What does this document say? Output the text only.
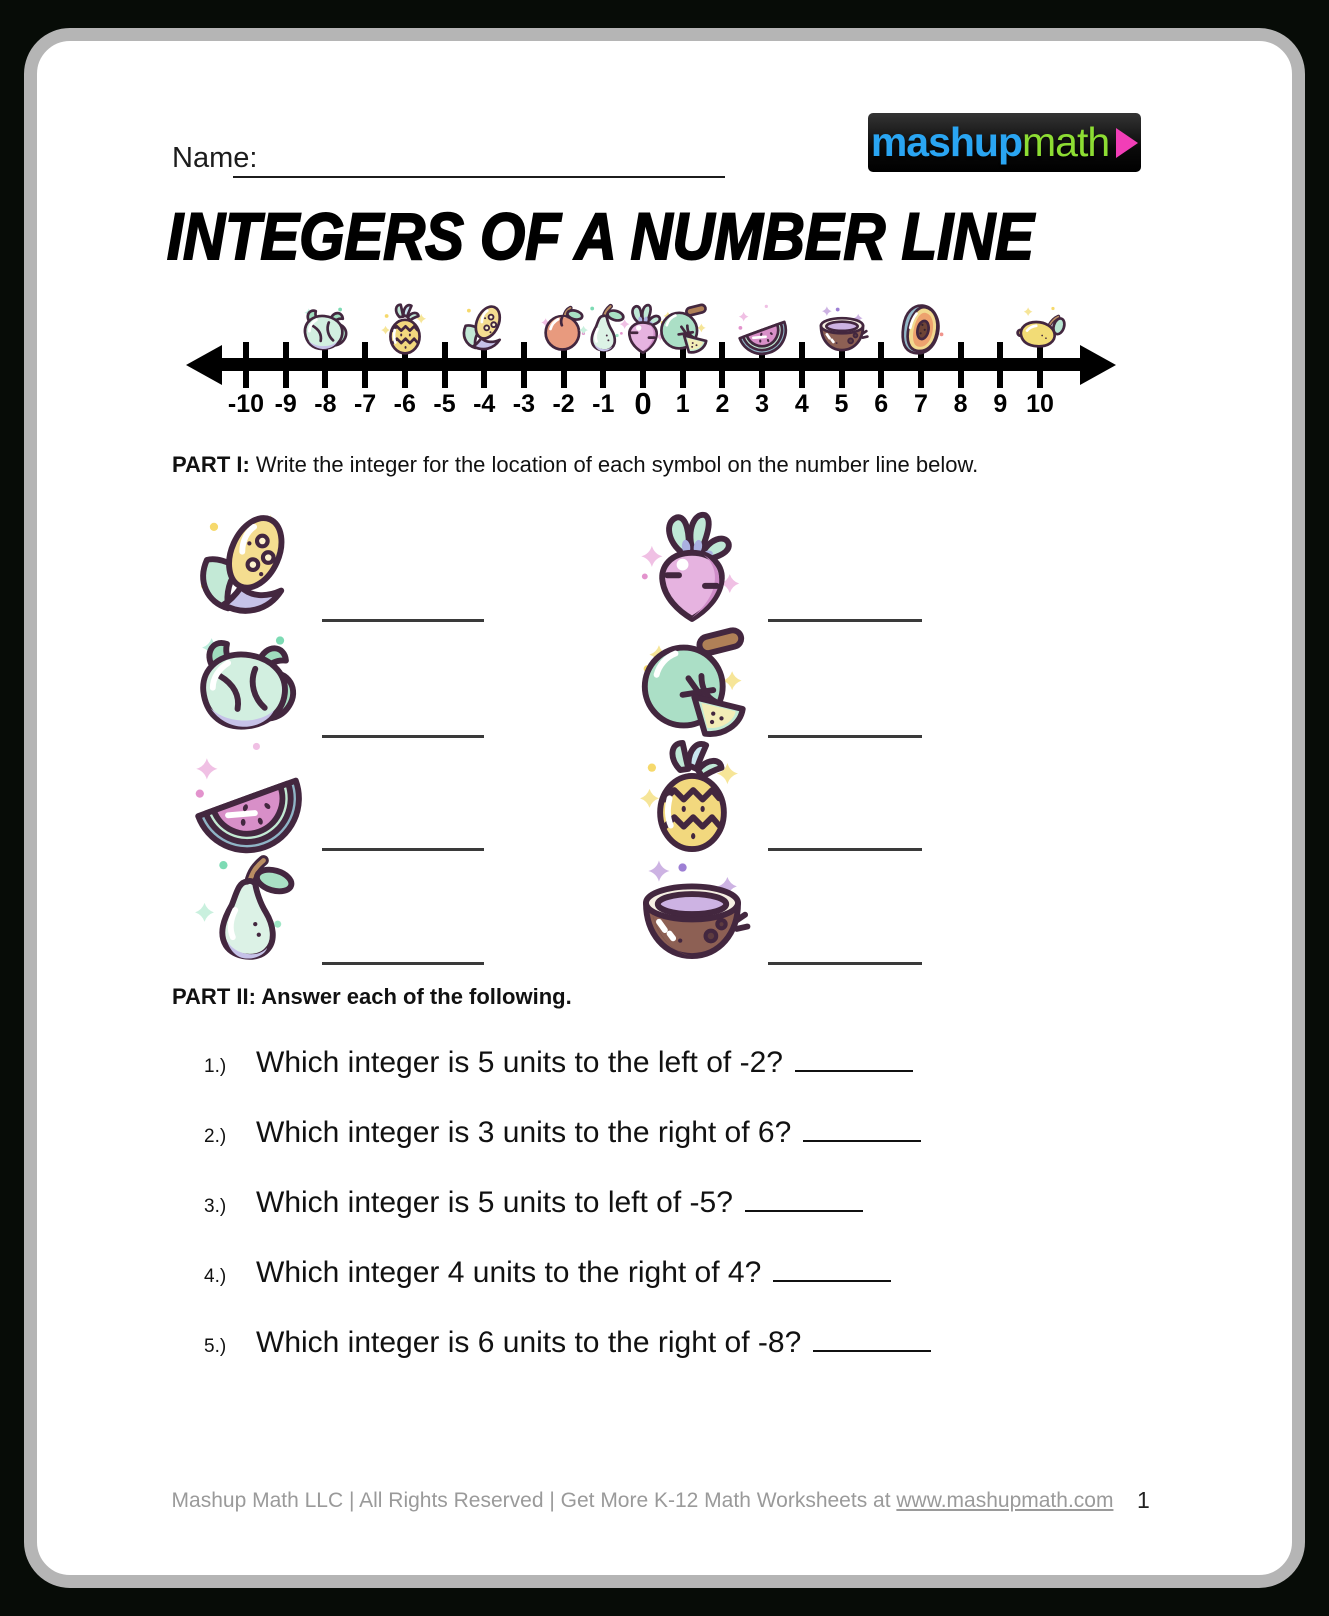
Name:	mashup math
INTEGERS OF A NUMBER LINE
-10 -9 -8 -7 -6 -5 -4 -3 -2 -1 0 1	2	3	4	5	6	7	8	9 10
PART I: Write the integer for the location of each symbol on the number line below.
PART II: Answer each of the following.
1.) Which integer is 5 units to the left of -2?
2.) Which integer is 3 units to the right of 6?
3.) Which integer is 5 units to left of -5?
4.) Which integer 4 units to the right of 4?
5.) Which integer is 6 units to the right of -8?
Mashup Math LLC | All Rights Reserved | Get More K-12 Math Worksheets at www.mashupmath.com	1
